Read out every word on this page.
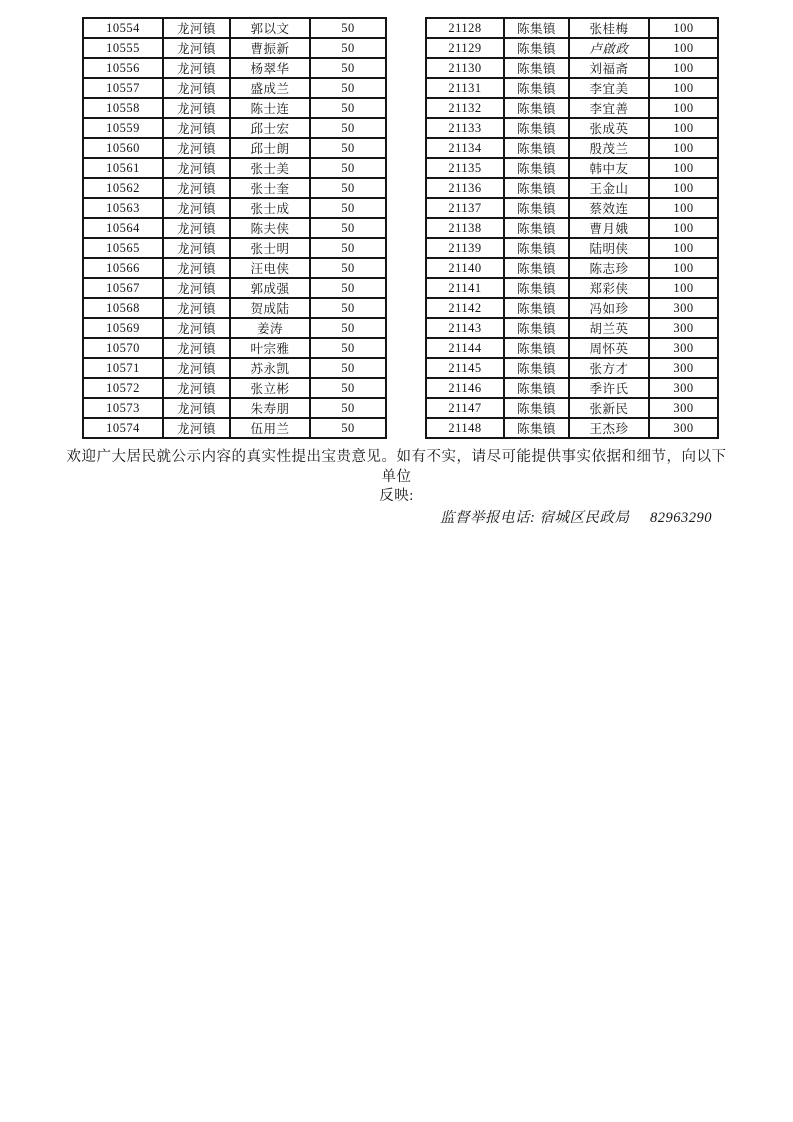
10554	龙河镇	郭以文	50
10555	龙河镇	曹振新	50
10556	龙河镇	杨翠华	50
10557	龙河镇	盛成兰	50
10558	龙河镇	陈士连	50
10559	龙河镇	邱士宏	50
10560	龙河镇	邱士朗	50
10561	龙河镇	张士美	50
10562	龙河镇	张士奎	50
10563	龙河镇	张士成	50
10564	龙河镇	陈夫侠	50
10565	龙河镇	张士明	50
10566	龙河镇	汪电侠	50
10567	龙河镇	郭成强	50
10568	龙河镇	贺成陆	50
10569	龙河镇	姜涛	50
10570	龙河镇	叶宗雅	50
10571	龙河镇	苏永凯	50
10572	龙河镇	张立彬	50
10573	龙河镇	朱寿朋	50
10574	龙河镇	伍用兰	50
21128	陈集镇	张桂梅	100
21129	陈集镇	卢啟政	100
21130	陈集镇	刘福斋	100
21131	陈集镇	李宜美	100
21132	陈集镇	李宜善	100
21133	陈集镇	张成英	100
21134	陈集镇	殷茂兰	100
21135	陈集镇	韩中友	100
21136	陈集镇	王金山	100
21137	陈集镇	蔡效连	100
21138	陈集镇	曹月娥	100
21139	陈集镇	陆明侠	100
21140	陈集镇	陈志珍	100
21141	陈集镇	郑彩侠	100
21142	陈集镇	冯如珍	300
21143	陈集镇	胡兰英	300
21144	陈集镇	周怀英	300
21145	陈集镇	张方才	300
21146	陈集镇	季许氏	300
21147	陈集镇	张新民	300
21148	陈集镇	王杰珍	300
欢迎广大居民就公示内容的真实性提出宝贵意见。如有不实，请尽可能提供事实依据和细节，向以下单位
反映:
监督举报电话: 宿城区民政局 82963290
